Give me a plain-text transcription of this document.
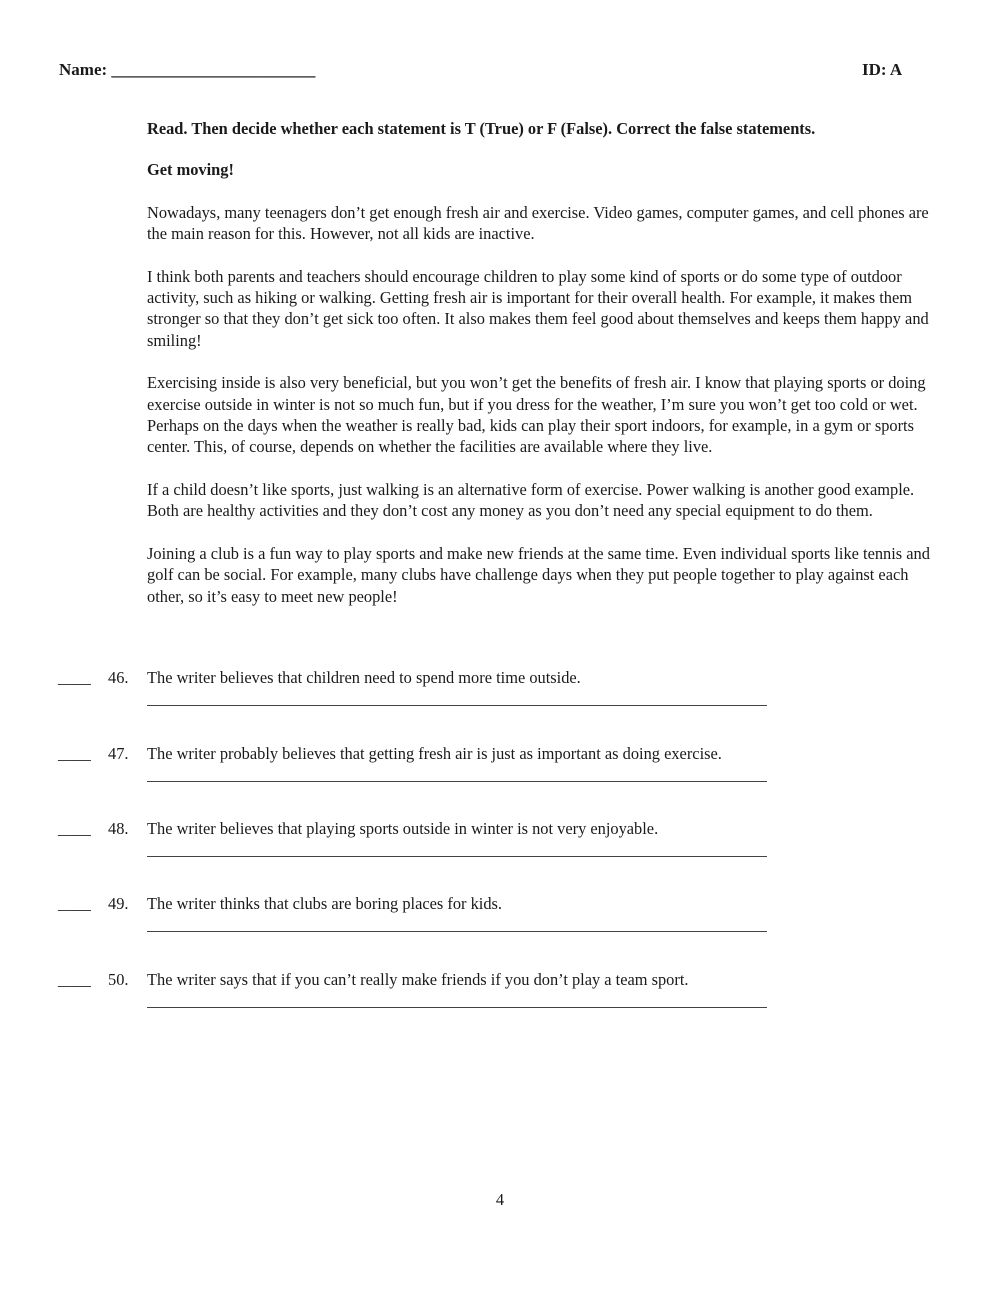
Name: ________________________	ID: A

Read. Then decide whether each statement is T (True) or F (False). Correct the false statements.

Get moving!

Nowadays, many teenagers don’t get enough fresh air and exercise. Video games, computer games, and cell phones are the main reason for this. However, not all kids are inactive.

I think both parents and teachers should encourage children to play some kind of sports or do some type of outdoor activity, such as hiking or walking. Getting fresh air is important for their overall health. For example, it makes them stronger so that they don’t get sick too often. It also makes them feel good about themselves and keeps them happy and smiling!

Exercising inside is also very beneficial, but you won’t get the benefits of fresh air. I know that playing sports or doing exercise outside in winter is not so much fun, but if you dress for the weather, I’m sure you won’t get too cold or wet. Perhaps on the days when the weather is really bad, kids can play their sport indoors, for example, in a gym or sports center. This, of course, depends on whether the facilities are available where they live.

If a child doesn’t like sports, just walking is an alternative form of exercise. Power walking is another good example. Both are healthy activities and they don’t cost any money as you don’t need any special equipment to do them.

Joining a club is a fun way to play sports and make new friends at the same time. Even individual sports like tennis and golf can be social. For example, many clubs have challenge days when they put people together to play against each other, so it’s easy to meet new people!

____ 46. The writer believes that children need to spend more time outside.
____ 47. The writer probably believes that getting fresh air is just as important as doing exercise.
____ 48. The writer believes that playing sports outside in winter is not very enjoyable.
____ 49. The writer thinks that clubs are boring places for kids.
____ 50. The writer says that if you can’t really make friends if you don’t play a team sport.
4
